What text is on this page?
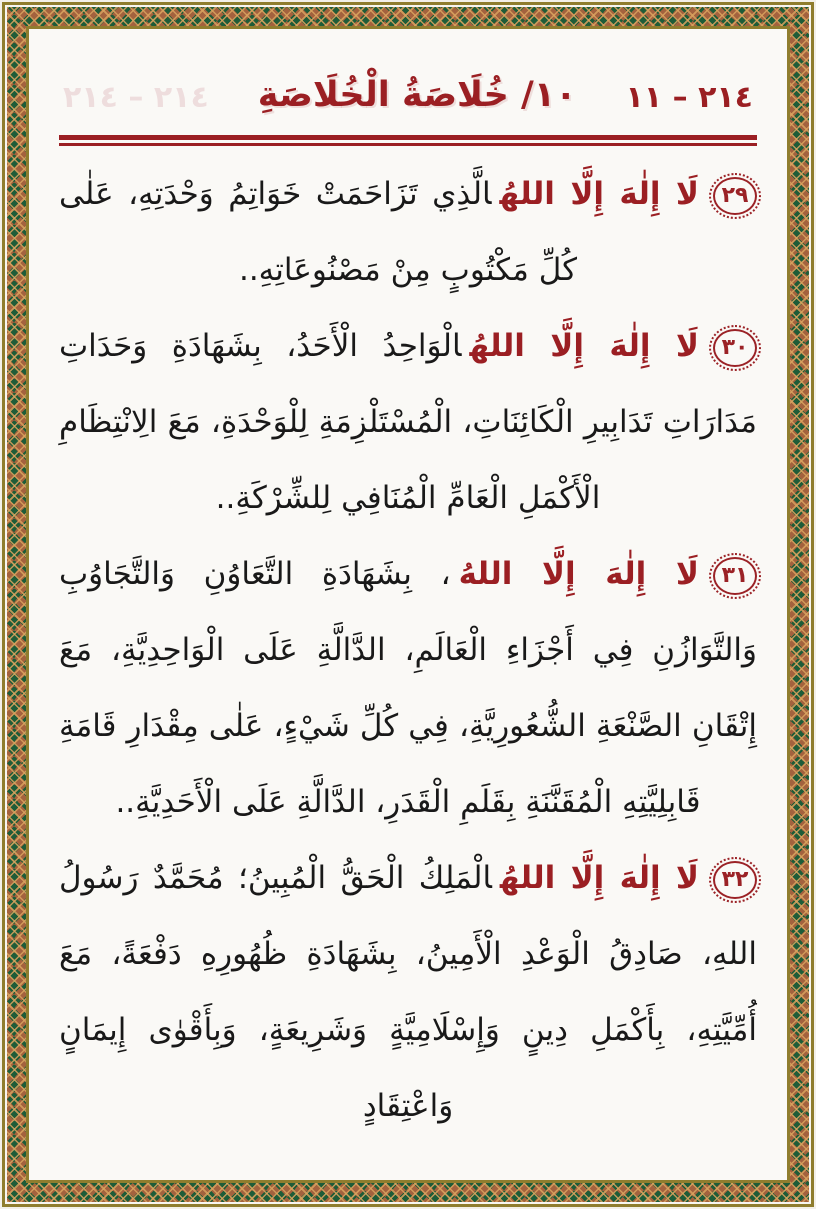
٢١٤ – ١١
١٠/ خُلَاصَةُ الْخُلَاصَةِ
٢١٤ – ٢١٤
٢٩لَا إِلٰهَ إِلَّا اللهُالَّذِي تَزَاحَمَتْ خَوَاتِمُ وَحْدَتِهِ، عَلٰى كُلِّ مَكْتُوبٍ مِنْ مَصْنُوعَاتِهِ..
٣٠لَا إِلٰهَ إِلَّا اللهُالْوَاحِدُ الْأَحَدُ، بِشَهَادَةِ وَحَدَاتِ مَدَارَاتِ تَدَابِيرِ الْكَائِنَاتِ، الْمُسْتَلْزِمَةِ لِلْوَحْدَةِ، مَعَ الِانْتِظَامِ الْأَكْمَلِ الْعَامِّ الْمُنَافِي لِلشِّرْكَةِ..
٣١لَا إِلٰهَ إِلَّا اللهُ، بِشَهَادَةِ التَّعَاوُنِ وَالتَّجَاوُبِ وَالتَّوَازُنِ فِي أَجْزَاءِ الْعَالَمِ، الدَّالَّةِ عَلَى الْوَاحِدِيَّةِ، مَعَ إِتْقَانِ الصَّنْعَةِ الشُّعُورِيَّةِ، فِي كُلِّ شَيْءٍ، عَلٰى مِقْدَارِ قَامَةِ قَابِلِيَّتِهِ الْمُقَنَّنَةِ بِقَلَمِ الْقَدَرِ، الدَّالَّةِ عَلَى الْأَحَدِيَّةِ..
٣٢لَا إِلٰهَ إِلَّا اللهُالْمَلِكُ الْحَقُّ الْمُبِينُ؛ مُحَمَّدٌ رَسُولُ اللهِ، صَادِقُ الْوَعْدِ الْأَمِينُ، بِشَهَادَةِ ظُهُورِهِ دَفْعَةً، مَعَ أُمِّيَّتِهِ، بِأَكْمَلِ دِينٍ وَإِسْلَامِيَّةٍ وَشَرِيعَةٍ، وَبِأَقْوٰى إِيمَانٍ وَاعْتِقَادٍ
